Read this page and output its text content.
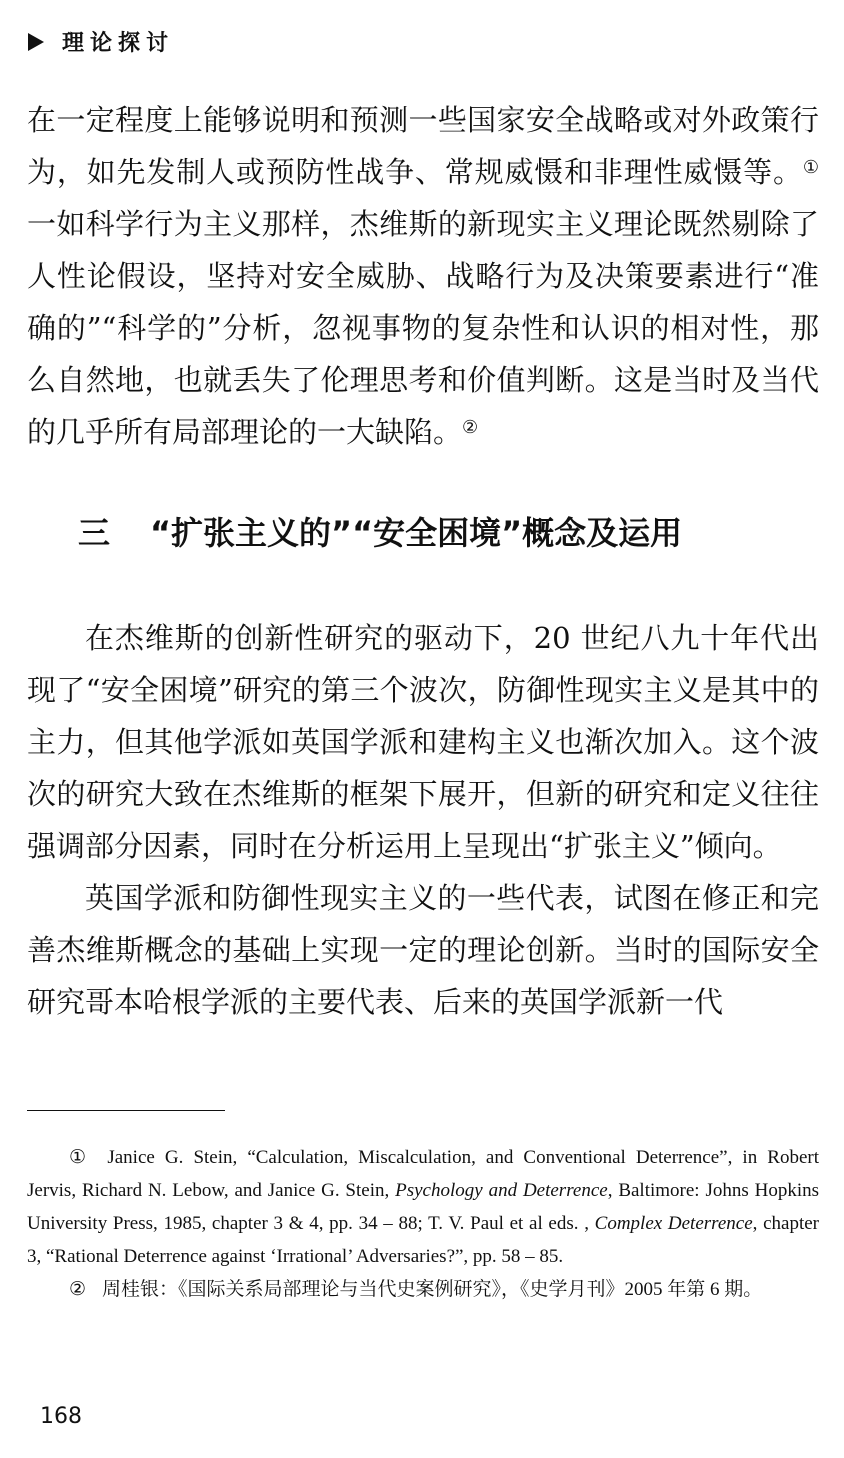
理论探讨

在一定程度上能够说明和预测一些国家安全战略或对外政策行为，如先发制人或预防性战争、常规威慑和非理性威慑等。① 一如科学行为主义那样，杰维斯的新现实主义理论既然剔除了人性论假设，坚持对安全威胁、战略行为及决策要素进行“准确的”“科学的”分析，忽视事物的复杂性和认识的相对性，那么自然地，也就丢失了伦理思考和价值判断。这是当时及当代的几乎所有局部理论的一大缺陷。②

三 “扩张主义的”“安全困境”概念及运用

在杰维斯的创新性研究的驱动下，20 世纪八九十年代出现了“安全困境”研究的第三个波次，防御性现实主义是其中的主力，但其他学派如英国学派和建构主义也渐次加入。这个波次的研究大致在杰维斯的框架下展开，但新的研究和定义往往强调部分因素，同时在分析运用上呈现出“扩张主义”倾向。

英国学派和防御性现实主义的一些代表，试图在修正和完善杰维斯概念的基础上实现一定的理论创新。当时的国际安全研究哥本哈根学派的主要代表、后来的英国学派新一代

① Janice G. Stein, “Calculation, Miscalculation, and Conventional Deterrence”, in Robert Jervis, Richard N. Lebow, and Janice G. Stein, Psychology and Deterrence, Baltimore: Johns Hopkins University Press, 1985, chapter 3 & 4, pp. 34 – 88; T. V. Paul et al eds. , Complex Deterrence, chapter 3, “Rational Deterrence against ‘Irrational’ Adversaries?”, pp. 58 – 85.

② 周桂银：《国际关系局部理论与当代史案例研究》，《史学月刊》2005 年第 6 期。

168
